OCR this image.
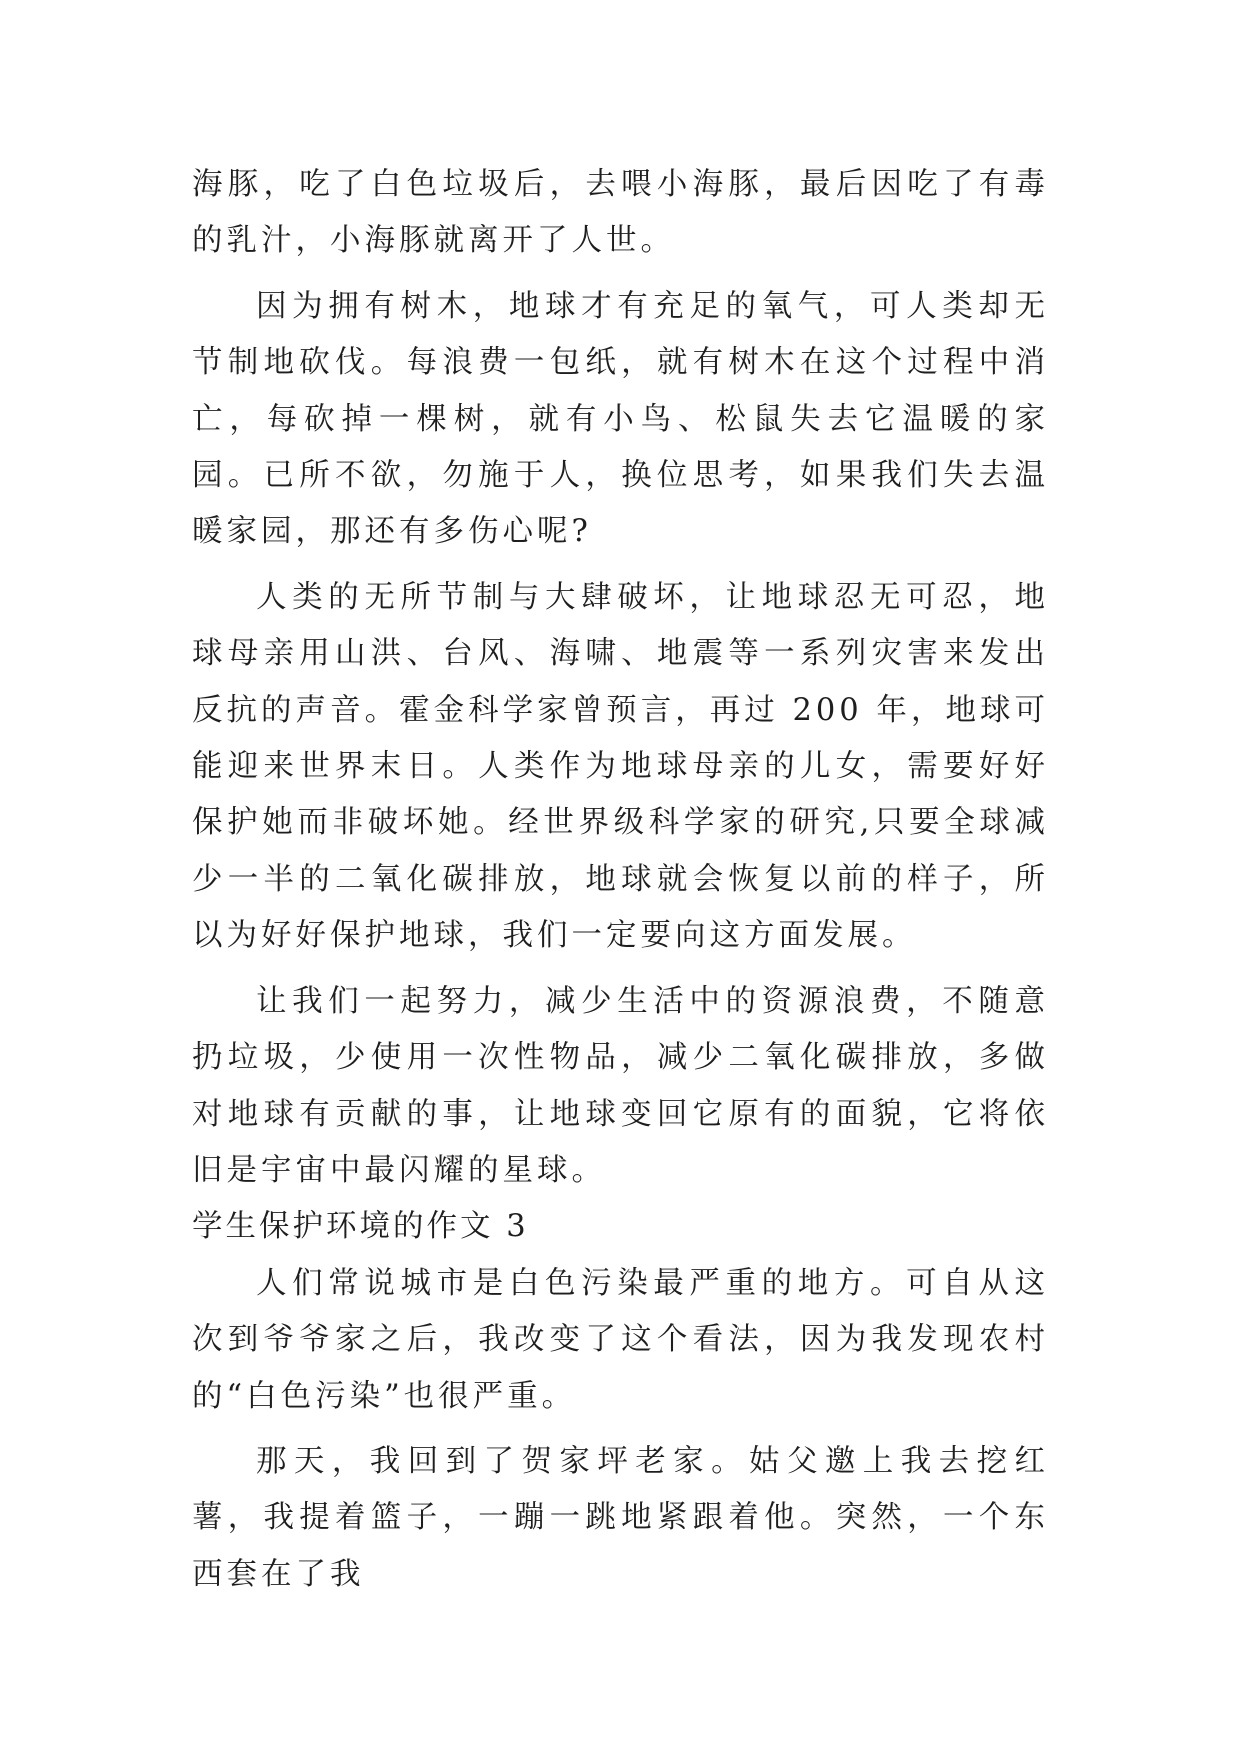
海豚，吃了白色垃圾后，去喂小海豚，最后因吃了有毒的乳汁，小海豚就离开了人世。

因为拥有树木，地球才有充足的氧气，可人类却无节制地砍伐。每浪费一包纸，就有树木在这个过程中消亡，每砍掉一棵树，就有小鸟、松鼠失去它温暖的家园。已所不欲，勿施于人，换位思考，如果我们失去温暖家园，那还有多伤心呢?

人类的无所节制与大肆破坏，让地球忍无可忍，地球母亲用山洪、台风、海啸、地震等一系列灾害来发出反抗的声音。霍金科学家曾预言，再过 200 年，地球可能迎来世界末日。人类作为地球母亲的儿女，需要好好保护她而非破坏她。经世界级科学家的研究,只要全球减少一半的二氧化碳排放，地球就会恢复以前的样子，所以为好好保护地球，我们一定要向这方面发展。

让我们一起努力，减少生活中的资源浪费，不随意扔垃圾，少使用一次性物品，减少二氧化碳排放，多做对地球有贡献的事，让地球变回它原有的面貌，它将依旧是宇宙中最闪耀的星球。

学生保护环境的作文 3

人们常说城市是白色污染最严重的地方。可自从这次到爷爷家之后，我改变了这个看法，因为我发现农村的“白色污染”也很严重。

那天，我回到了贺家坪老家。姑父邀上我去挖红薯，我提着篮子，一蹦一跳地紧跟着他。突然，一个东西套在了我
